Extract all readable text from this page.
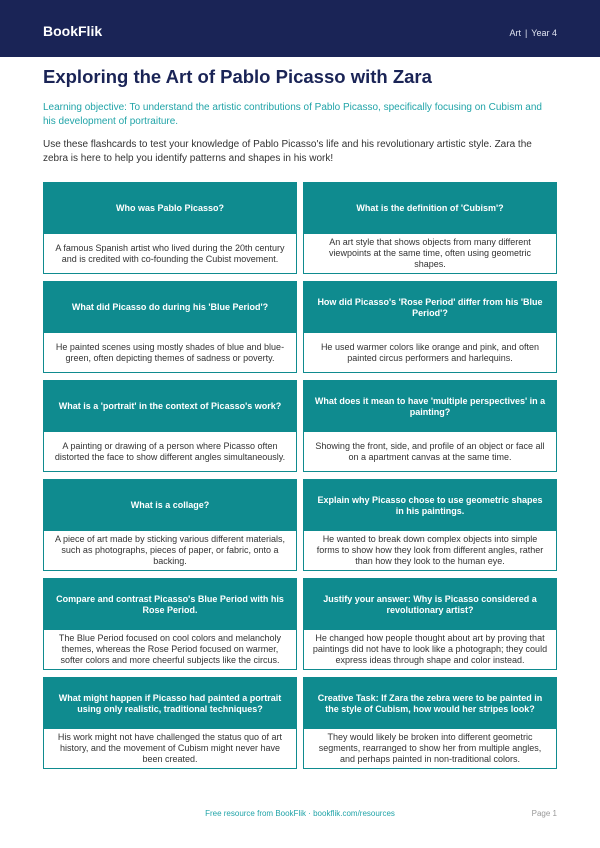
BookFlik	Art | Year 4
Exploring the Art of Pablo Picasso with Zara

Learning objective: To understand the artistic contributions of Pablo Picasso, specifically focusing on Cubism and his development of portraiture.

Use these flashcards to test your knowledge of Pablo Picasso's life and his revolutionary artistic style. Zara the zebra is here to help you identify patterns and shapes in his work!

Who was Pablo Picasso?
A famous Spanish artist who lived during the 20th century and is credited with co-founding the Cubist movement.
What is the definition of 'Cubism'?
An art style that shows objects from many different viewpoints at the same time, often using geometric shapes.
What did Picasso do during his 'Blue Period'?
He painted scenes using mostly shades of blue and blue-green, often depicting themes of sadness or poverty.
How did Picasso's 'Rose Period' differ from his 'Blue Period'?
He used warmer colors like orange and pink, and often painted circus performers and harlequins.
What is a 'portrait' in the context of Picasso's work?
A painting or drawing of a person where Picasso often distorted the face to show different angles simultaneously.
What does it mean to have 'multiple perspectives' in a painting?
Showing the front, side, and profile of an object or face all on a apartment canvas at the same time.
What is a collage?
A piece of art made by sticking various different materials, such as photographs, pieces of paper, or fabric, onto a backing.
Explain why Picasso chose to use geometric shapes in his paintings.
He wanted to break down complex objects into simple forms to show how they look from different angles, rather than how they look to the human eye.
Compare and contrast Picasso's Blue Period with his Rose Period.
The Blue Period focused on cool colors and melancholy themes, whereas the Rose Period focused on warmer, softer colors and more cheerful subjects like the circus.
Justify your answer: Why is Picasso considered a revolutionary artist?
He changed how people thought about art by proving that paintings did not have to look like a photograph; they could express ideas through shape and color instead.
What might happen if Picasso had painted a portrait using only realistic, traditional techniques?
His work might not have challenged the status quo of art history, and the movement of Cubism might never have been created.
Creative Task: If Zara the zebra were to be painted in the style of Cubism, how would her stripes look?
They would likely be broken into different geometric segments, rearranged to show her from multiple angles, and perhaps painted in non-traditional colors.
Free resource from BookFlik · bookflik.com/resources	Page 1
